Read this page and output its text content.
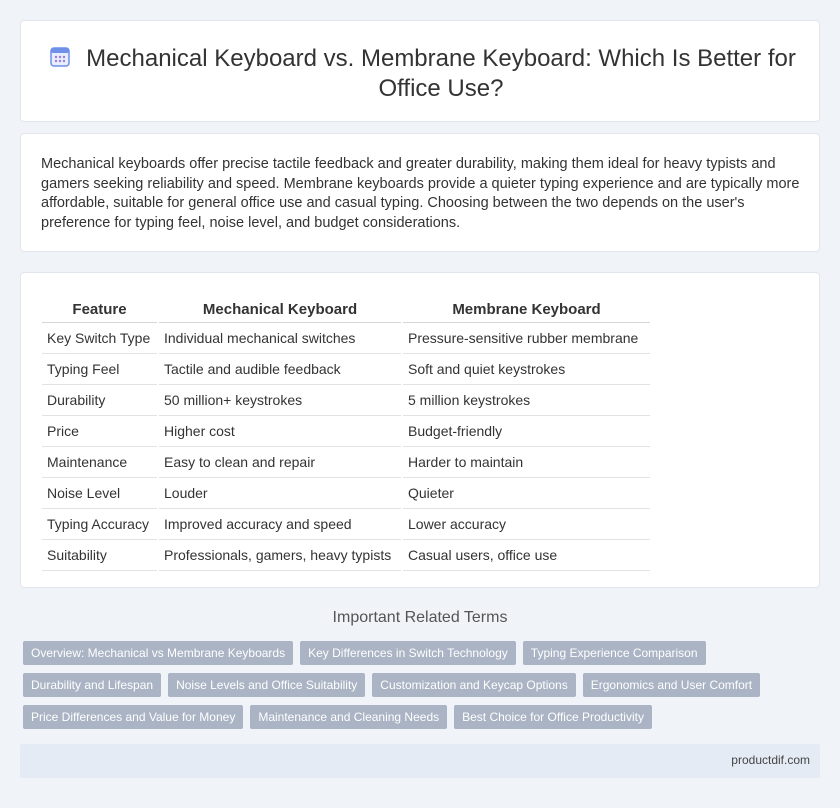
Mechanical Keyboard vs. Membrane Keyboard: Which Is Better for Office Use?

Mechanical keyboards offer precise tactile feedback and greater durability, making them ideal for heavy typists and gamers seeking reliability and speed. Membrane keyboards provide a quieter typing experience and are typically more affordable, suitable for general office use and casual typing. Choosing between the two depends on the user's preference for typing feel, noise level, and budget considerations.

Feature	Mechanical Keyboard	Membrane Keyboard
Key Switch Type	Individual mechanical switches	Pressure-sensitive rubber membrane
Typing Feel	Tactile and audible feedback	Soft and quiet keystrokes
Durability	50 million+ keystrokes	5 million keystrokes
Price	Higher cost	Budget-friendly
Maintenance	Easy to clean and repair	Harder to maintain
Noise Level	Louder	Quieter
Typing Accuracy	Improved accuracy and speed	Lower accuracy
Suitability	Professionals, gamers, heavy typists	Casual users, office use
Important Related Terms
Overview: Mechanical vs Membrane Keyboards	Key Differences in Switch Technology	Typing Experience Comparison
Durability and Lifespan	Noise Levels and Office Suitability	Customization and Keycap Options	Ergonomics and User Comfort
Price Differences and Value for Money	Maintenance and Cleaning Needs	Best Choice for Office Productivity
productdif.com
